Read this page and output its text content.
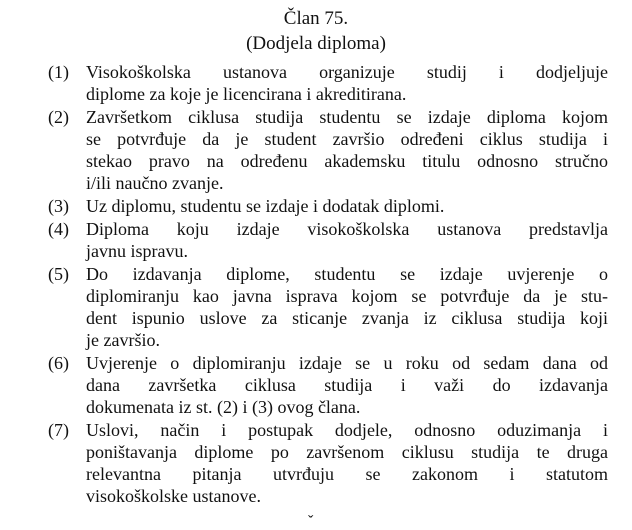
Član 75.
(Dodjela diploma)
(1) Visokoškolska ustanova organizuje studij i dodjeljuje
diplome za koje je licencirana i akreditirana.
(2) Završetkom ciklusa studija studentu se izdaje diploma kojom
se potvrđuje da je student završio određeni ciklus studija i
stekao pravo na određenu akademsku titulu odnosno stručno
i/ili naučno zvanje.
(3) Uz diplomu, studentu se izdaje i dodatak diplomi.
(4) Diploma koju izdaje visokoškolska ustanova predstavlja
javnu ispravu.
(5) Do izdavanja diplome, studentu se izdaje uvjerenje o
diplomiranju kao javna isprava kojom se potvrđuje da je stu-
dent ispunio uslove za sticanje zvanja iz ciklusa studija koji
je završio.
(6) Uvjerenje o diplomiranju izdaje se u roku od sedam dana od
dana završetka ciklusa studija i važi do izdavanja
dokumenata iz st. (2) i (3) ovog člana.
(7) Uslovi, način i postupak dodjele, odnosno oduzimanja i
poništavanja diplome po završenom ciklusu studija te druga
relevantna pitanja utvrđuju se zakonom i statutom
visokoškolske ustanove.
ˇ
